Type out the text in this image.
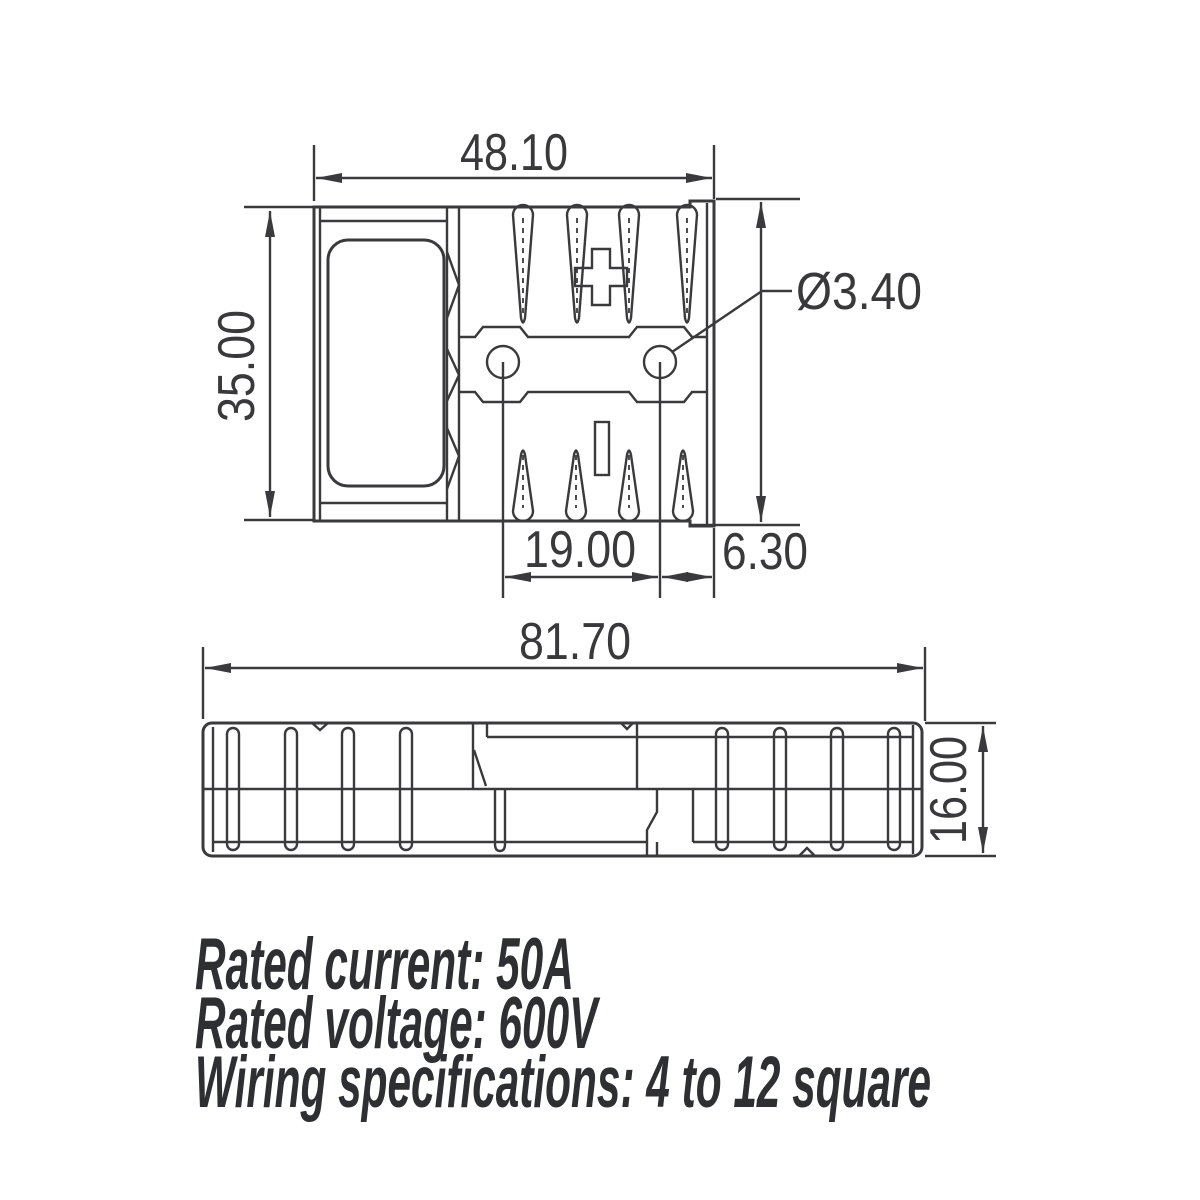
48.10
35.00	Ø3.40
19.00 6.30
81.70
16.00
Rated current: 50A
Rated voltage: 600V
Wiring specifications: 4 to 12 square
